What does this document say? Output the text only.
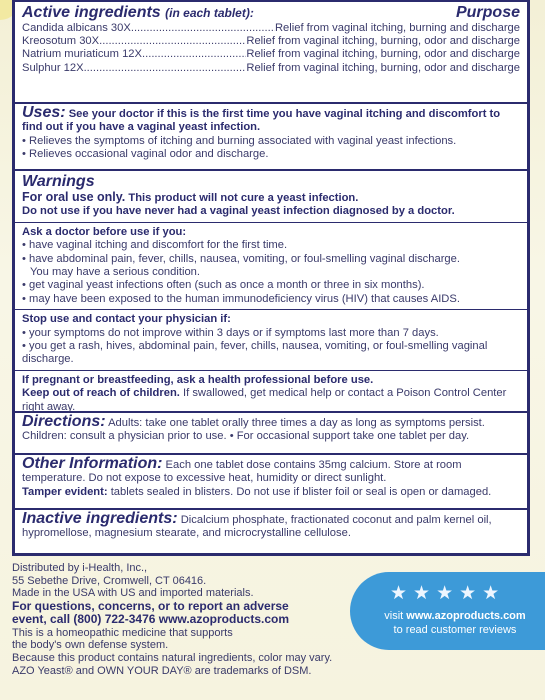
Active ingredients (in each tablet):	Purpose
Candida albicans 30X .....	Relief from vaginal itching, burning and discharge
Kreosotum 30X .....	Relief from vaginal itching, burning, odor and discharge
Natrium muriaticum 12X .....	Relief from vaginal itching, burning, odor and discharge
Sulphur 12X .....	Relief from vaginal itching, burning, odor and discharge
Uses: See your doctor if this is the first time you have vaginal itching and discomfort to find out if you have a vaginal yeast infection.
• Relieves the symptoms of itching and burning associated with vaginal yeast infections.
• Relieves occasional vaginal odor and discharge.
Warnings
For oral use only. This product will not cure a yeast infection.
Do not use if you have never had a vaginal yeast infection diagnosed by a doctor.
Ask a doctor before use if you:
• have vaginal itching and discomfort for the first time.
• have abdominal pain, fever, chills, nausea, vomiting, or foul-smelling vaginal discharge.
You may have a serious condition.
• get vaginal yeast infections often (such as once a month or three in six months).
• may have been exposed to the human immunodeficiency virus (HIV) that causes AIDS.
Stop use and contact your physician if:
• your symptoms do not improve within 3 days or if symptoms last more than 7 days.
• you get a rash, hives, abdominal pain, fever, chills, nausea, vomiting, or foul-smelling vaginal discharge.
If pregnant or breastfeeding, ask a health professional before use.
Keep out of reach of children. If swallowed, get medical help or contact a Poison Control Center right away.
Directions: Adults: take one tablet orally three times a day as long as symptoms persist.
Children: consult a physician prior to use. • For occasional support take one tablet per day.
Other Information: Each one tablet dose contains 35mg calcium. Store at room temperature. Do not expose to excessive heat, humidity or direct sunlight.
Tamper evident: tablets sealed in blisters. Do not use if blister foil or seal is open or damaged.
Inactive ingredients: Dicalcium phosphate, fractionated coconut and palm kernel oil, hypromellose, magnesium stearate, and microcrystalline cellulose.
Distributed by i-Health, Inc.,
55 Sebethe Drive, Cromwell, CT 06416.
Made in the USA with US and imported materials.
For questions, concerns, or to report an adverse
event, call (800) 722-3476 www.azoproducts.com
This is a homeopathic medicine that supports
the body's own defense system.
Because this product contains natural ingredients, color may vary.
AZO Yeast® and OWN YOUR DAY® are trademarks of DSM.
★★★★★
visit www.azoproducts.com
to read customer reviews
